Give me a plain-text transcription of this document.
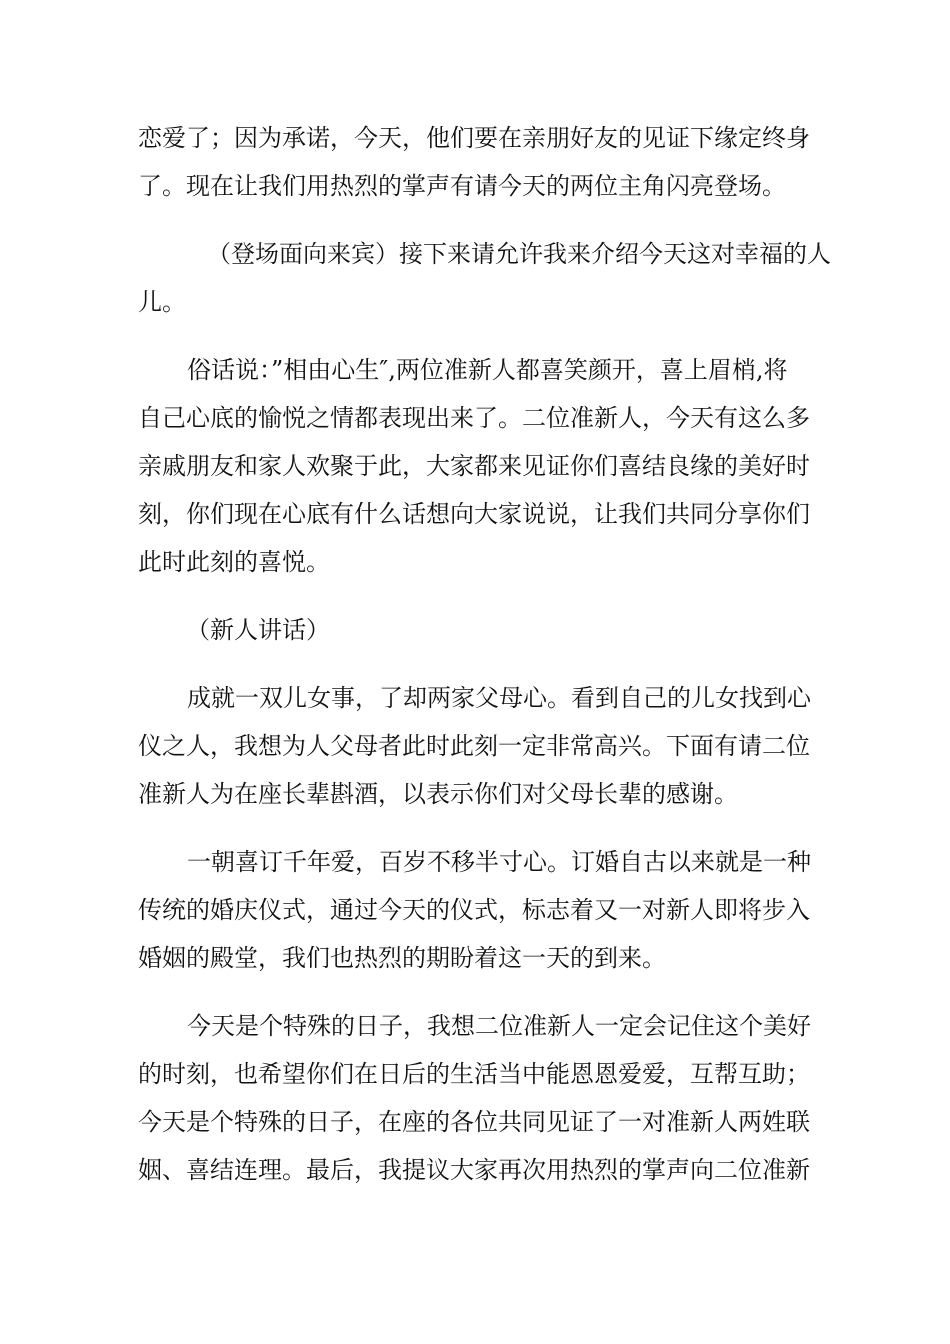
恋爱了；因为承诺，今天，他们要在亲朋好友的见证下缘定终身

了。现在让我们用热烈的掌声有请今天的两位主角闪亮登场。

（登场面向来宾）接下来请允许我来介绍今天这对幸福的人

儿。

俗话说：”相由心生″,两位准新人都喜笑颜开，喜上眉梢,将

自己心底的愉悦之情都表现出来了。二位准新人，今天有这么多

亲戚朋友和家人欢聚于此，大家都来见证你们喜结良缘的美好时

刻，你们现在心底有什么话想向大家说说，让我们共同分享你们

此时此刻的喜悦。

（新人讲话）

成就一双儿女事，了却两家父母心。看到自己的儿女找到心

仪之人，我想为人父母者此时此刻一定非常高兴。下面有请二位

准新人为在座长辈斟酒，以表示你们对父母长辈的感谢。

一朝喜订千年爱，百岁不移半寸心。订婚自古以来就是一种

传统的婚庆仪式，通过今天的仪式，标志着又一对新人即将步入

婚姻的殿堂，我们也热烈的期盼着这一天的到来。

今天是个特殊的日子，我想二位准新人一定会记住这个美好

的时刻，也希望你们在日后的生活当中能恩恩爱爱，互帮互助；

今天是个特殊的日子，在座的各位共同见证了一对准新人两姓联

姻、喜结连理。最后，我提议大家再次用热烈的掌声向二位准新
